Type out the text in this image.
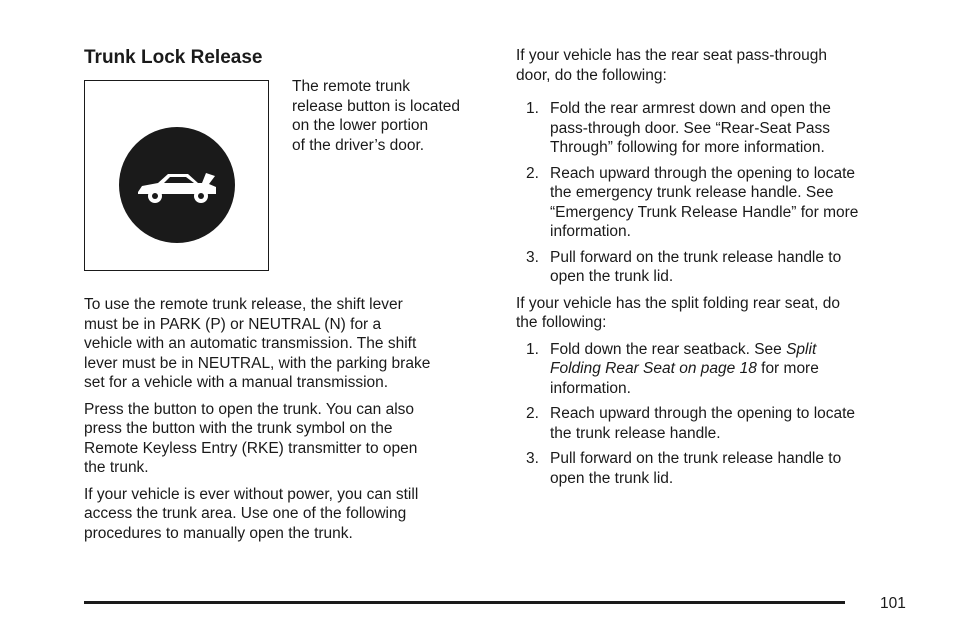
Trunk Lock Release

The remote trunk
release button is located
on the lower portion
of the driver’s door.

To use the remote trunk release, the shift lever
must be in PARK (P) or NEUTRAL (N) for a
vehicle with an automatic transmission. The shift
lever must be in NEUTRAL, with the parking brake
set for a vehicle with a manual transmission.

Press the button to open the trunk. You can also
press the button with the trunk symbol on the
Remote Keyless Entry (RKE) transmitter to open
the trunk.

If your vehicle is ever without power, you can still
access the trunk area. Use one of the following
procedures to manually open the trunk.

If your vehicle has the rear seat pass-through
door, do the following:

1. Fold the rear armrest down and open the
pass-through door. See “Rear-Seat Pass
Through” following for more information.
2. Reach upward through the opening to locate
the emergency trunk release handle. See
“Emergency Trunk Release Handle” for more
information.
3. Pull forward on the trunk release handle to
open the trunk lid.

If your vehicle has the split folding rear seat, do
the following:

1. Fold down the rear seatback. See Split
Folding Rear Seat on page 18 for more
information.
2. Reach upward through the opening to locate
the trunk release handle.
3. Pull forward on the trunk release handle to
open the trunk lid.
101
